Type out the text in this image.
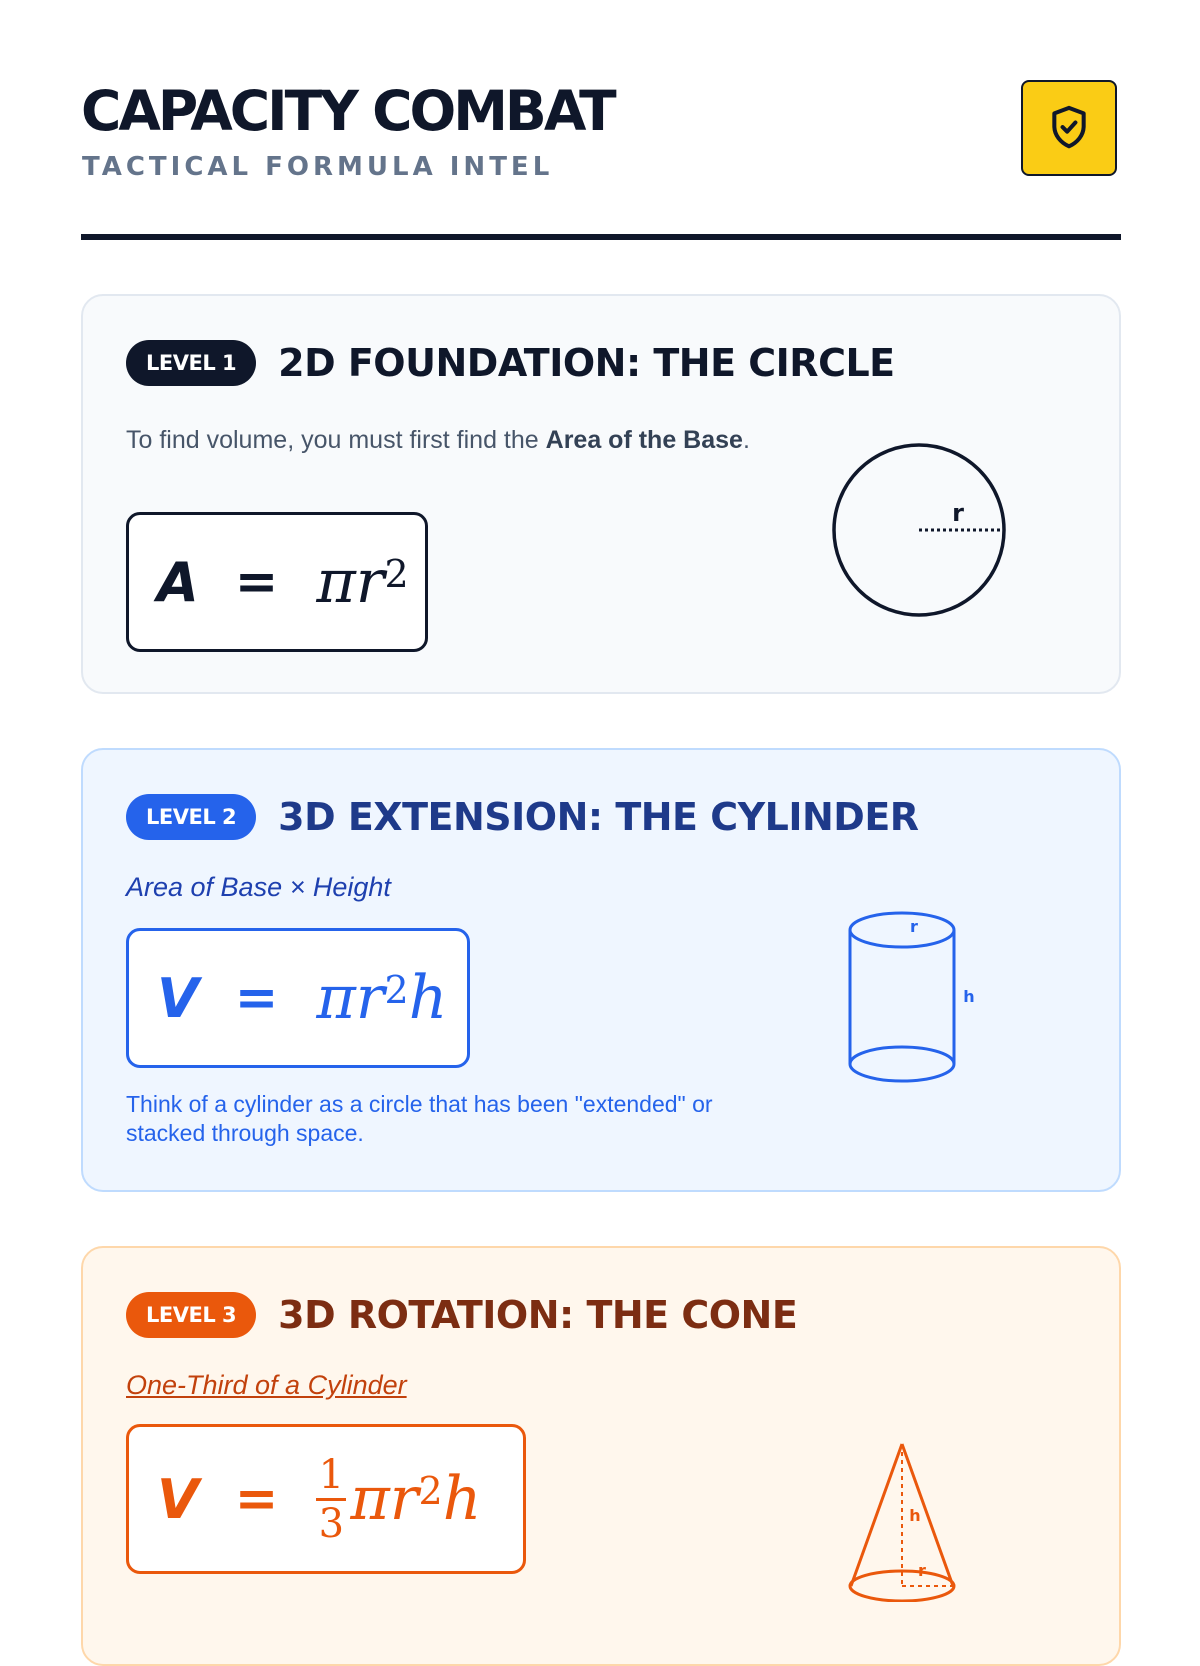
CAPACITY COMBAT
TACTICAL FORMULA INTEL
LEVEL 1	2D FOUNDATION: THE CIRCLE
To find volume, you must first find the Area of the Base.
$A = \pi r^2$
r
LEVEL 2	3D EXTENSION: THE CYLINDER
Area of Base × Height
$V = \pi r^2$ h
Think of a cylinder as a circle that has been "extended" or stacked through space.
r
h
LEVEL 3	3D ROTATION: THE CONE
One-Third of a Cylinder
$V = \frac{1}{3} \pi r^2$ h	h
r
